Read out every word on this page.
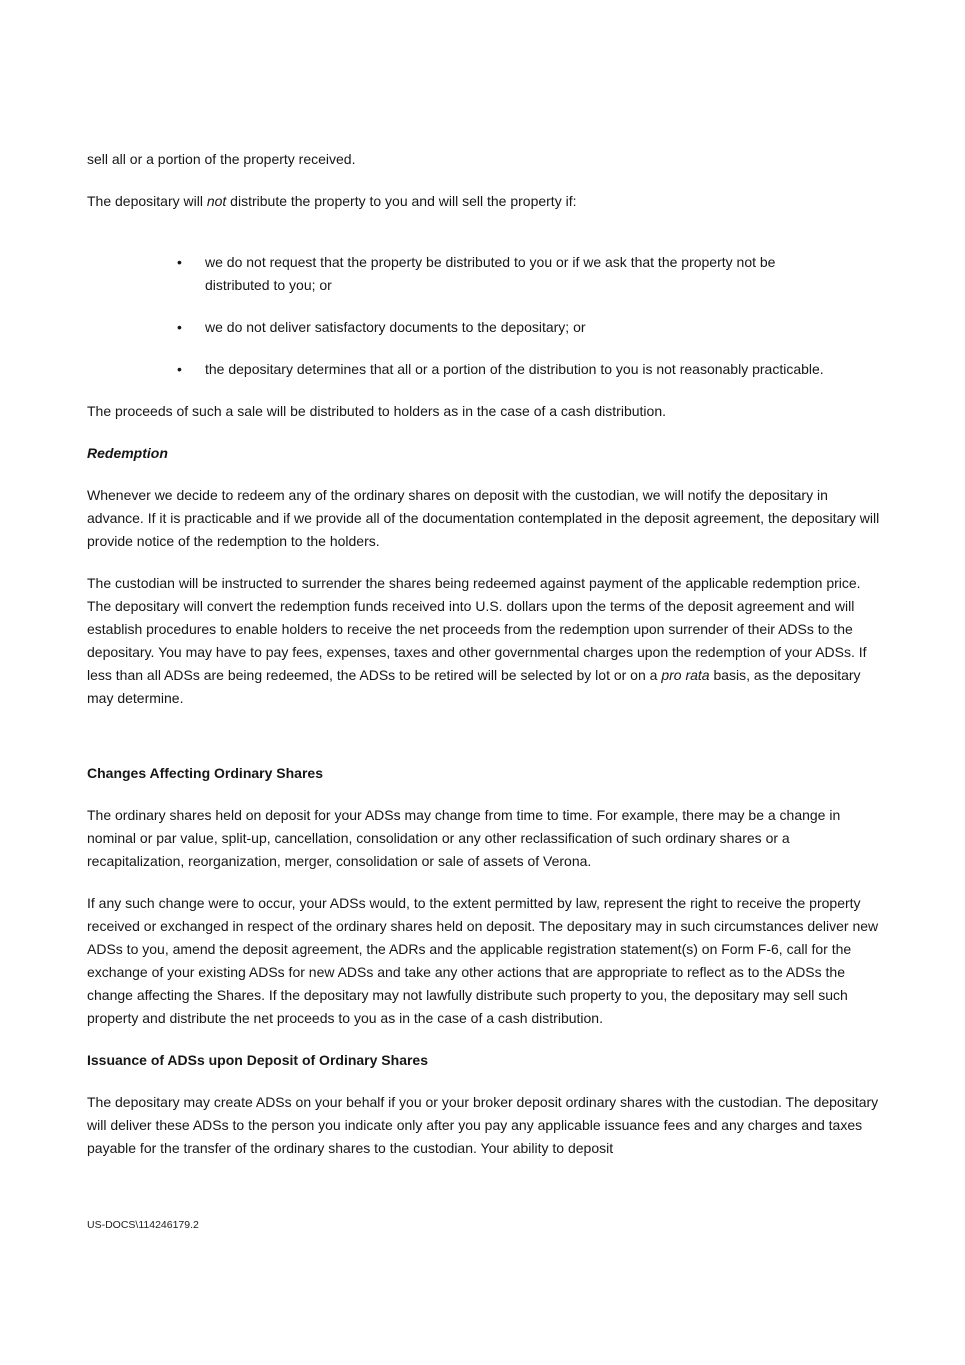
sell all or a portion of the property received.

The depositary will not distribute the property to you and will sell the property if:

•	we do not request that the property be distributed to you or if we ask that the property not be distributed to you; or
•	we do not deliver satisfactory documents to the depositary; or
•	the depositary determines that all or a portion of the distribution to you is not reasonably practicable.

The proceeds of such a sale will be distributed to holders as in the case of a cash distribution.

Redemption

Whenever we decide to redeem any of the ordinary shares on deposit with the custodian, we will notify the depositary in advance. If it is practicable and if we provide all of the documentation contemplated in the deposit agreement, the depositary will provide notice of the redemption to the holders.

The custodian will be instructed to surrender the shares being redeemed against payment of the applicable redemption price. The depositary will convert the redemption funds received into U.S. dollars upon the terms of the deposit agreement and will establish procedures to enable holders to receive the net proceeds from the redemption upon surrender of their ADSs to the depositary. You may have to pay fees, expenses, taxes and other governmental charges upon the redemption of your ADSs. If less than all ADSs are being redeemed, the ADSs to be retired will be selected by lot or on a pro rata basis, as the depositary may determine.

Changes Affecting Ordinary Shares

The ordinary shares held on deposit for your ADSs may change from time to time. For example, there may be a change in nominal or par value, split-up, cancellation, consolidation or any other reclassification of such ordinary shares or a recapitalization, reorganization, merger, consolidation or sale of assets of Verona.

If any such change were to occur, your ADSs would, to the extent permitted by law, represent the right to receive the property received or exchanged in respect of the ordinary shares held on deposit. The depositary may in such circumstances deliver new ADSs to you, amend the deposit agreement, the ADRs and the applicable registration statement(s) on Form F-6, call for the exchange of your existing ADSs for new ADSs and take any other actions that are appropriate to reflect as to the ADSs the change affecting the Shares. If the depositary may not lawfully distribute such property to you, the depositary may sell such property and distribute the net proceeds to you as in the case of a cash distribution.

Issuance of ADSs upon Deposit of Ordinary Shares

The depositary may create ADSs on your behalf if you or your broker deposit ordinary shares with the custodian. The depositary will deliver these ADSs to the person you indicate only after you pay any applicable issuance fees and any charges and taxes payable for the transfer of the ordinary shares to the custodian. Your ability to deposit

US-DOCS\114246179.2
